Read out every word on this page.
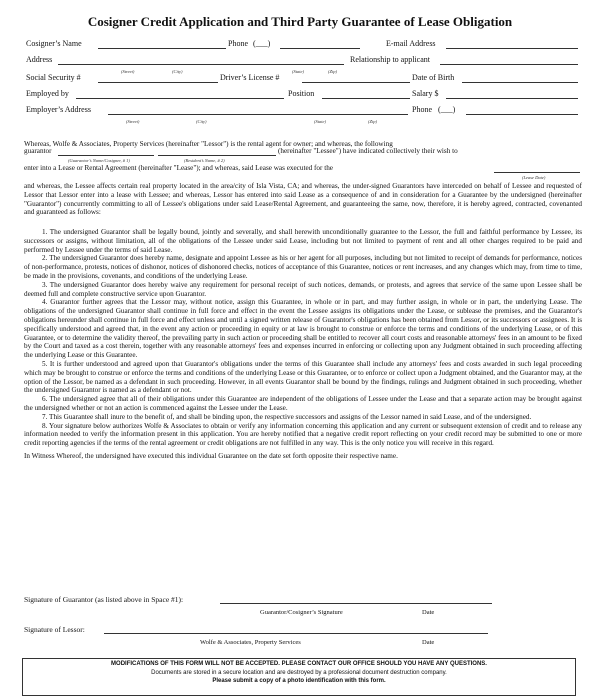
Cosigner Credit Application and Third Party Guarantee of Lease Obligation
Cosigner’s Name	Phone (___)	E-mail Address
Address
(Street)	(City)	(State)	(Zip)
Relationship to applicant
Social Security #	Driver’s License #	Date of Birth
Employed by	Position	Salary $
Employer’s Address
(Street)	(City)	(State)	(Zip)
Phone (___)

Whereas, Wolfe & Associates, Property Services (hereinafter "Lessor") is the rental agent for owner; and whereas, the following

guarantor
(Guarantor’s Name/Cosigner, # 1)	(Resident’s Name, # 2)
(hereinafter "Lessee") have indicated collectively their wish to
enter into a Lease or Rental Agreement (hereinafter "Lease"); and whereas, said Lease was executed for the
(Lease Date)

and whereas, the Lessee affects certain real property located in the area/city of Isla Vista, CA; and whereas, the under-signed Guarantors have interceded on behalf of Lessee and requested of Lessor that Lessor enter into a lease with Lessee; and whereas, Lessor has entered into said Lease as a consequence of and in consideration for a Guarantee by the undersigned (hereinafter "Guarantor") concurrently committing to all of Lessee's obligations under said Lease/Rental Agreement, and guaranteeing the same, now, therefore, it is hereby agreed, contracted, covenanted and guaranteed as follows:

1. The undersigned Guarantor shall be legally bound, jointly and severally, and shall herewith unconditionally guarantee to the Lessor, the full and faithful performance by Lessee, its successors or assigns, without limitation, all of the obligations of the Lessee under said Lease, including but not limited to payment of rent and all other charges required to be paid and performed by Lessee under the terms of said Lease.

2. The undersigned Guarantor does hereby name, designate and appoint Lessee as his or her agent for all purposes, including but not limited to receipt of demands for performance, notices of non-performance, protests, notices of dishonor, notices of dishonored checks, notices of acceptance of this Guarantee, notices or rent increases, and any changes which may, from time to time, be made in the provisions, covenants, and conditions of the underlying Lease.

3. The undersigned Guarantor does hereby waive any requirement for personal receipt of such notices, demands, or protests, and agrees that service of the same upon Lessee shall be deemed full and complete constructive service upon Guarantor.

4. Guarantor further agrees that the Lessor may, without notice, assign this Guarantee, in whole or in part, and may further assign, in whole or in part, the underlying Lease. The obligations of the undersigned Guarantor shall continue in full force and effect in the event the Lessee assigns its obligations under the Lease, or sublease the premises, and the Guarantor's obligations hereunder shall continue in full force and effect unless and until a signed written release of Guarantor's obligations has been obtained from Lessor, or its successors or assignees. It is specifically understood and agreed that, in the event any action or proceeding in equity or at law is brought to construe or enforce the terms and conditions of the underlying Lease, or of this Guarantee, or to determine the validity thereof, the prevailing party in such action or proceeding shall be entitled to recover all court costs and reasonable attorneys' fees in an amount to be fixed by the Court and taxed as a cost therein, together with any reasonable attorneys' fees and expenses incurred in enforcing or collecting upon any Judgment obtained in such proceeding affecting the underlying Lease or this Guarantee.

5. It is further understood and agreed upon that Guarantor's obligations under the terms of this Guarantee shall include any attorneys' fees and costs awarded in such legal proceeding which may be brought to construe or enforce the terms and conditions of the underlying Lease or this Guarantee, or to enforce or collect upon a Judgment obtained, and the Guarantor may, at the option of the Lessor, be named as a defendant in such proceeding. However, in all events Guarantor shall be bound by the findings, rulings and Judgment obtained in such proceeding, whether the undersigned Guarantor is named as a defendant or not.

6. The undersigned agree that all of their obligations under this Guarantee are independent of the obligations of Lessee under the Lease and that a separate action may be brought against the undersigned whether or not an action is commenced against the Lessee under the Lease.

7. This Guarantee shall inure to the benefit of, and shall be binding upon, the respective successors and assigns of the Lessor named in said Lease, and of the undersigned.

8. Your signature below authorizes Wolfe & Associates to obtain or verify any information concerning this application and any current or subsequent extension of credit and to release any information needed to verify the information present in this application. You are hereby notified that a negative credit report reflecting on your credit record may be submitted to one or more credit reporting agencies if the terms of the rental agreement or credit obligations are not fulfilled in any way. This is the only notice you will receive in this regard.

In Witness Whereof, the undersigned have executed this individual Guarantee on the date set forth opposite their respective name.

Signature of Guarantor (as listed above in Space #1):
Guarantor/Cosigner’s Signature	Date
Signature of Lessor:
Wolfe & Associates, Property Services	Date
MODIFICATIONS OF THIS FORM WILL NOT BE ACCEPTED. PLEASE CONTACT OUR OFFICE SHOULD YOU HAVE ANY QUESTIONS.
Documents are stored in a secure location and are destroyed by a professional document destruction company.
Please submit a copy of a photo identification with this form.
